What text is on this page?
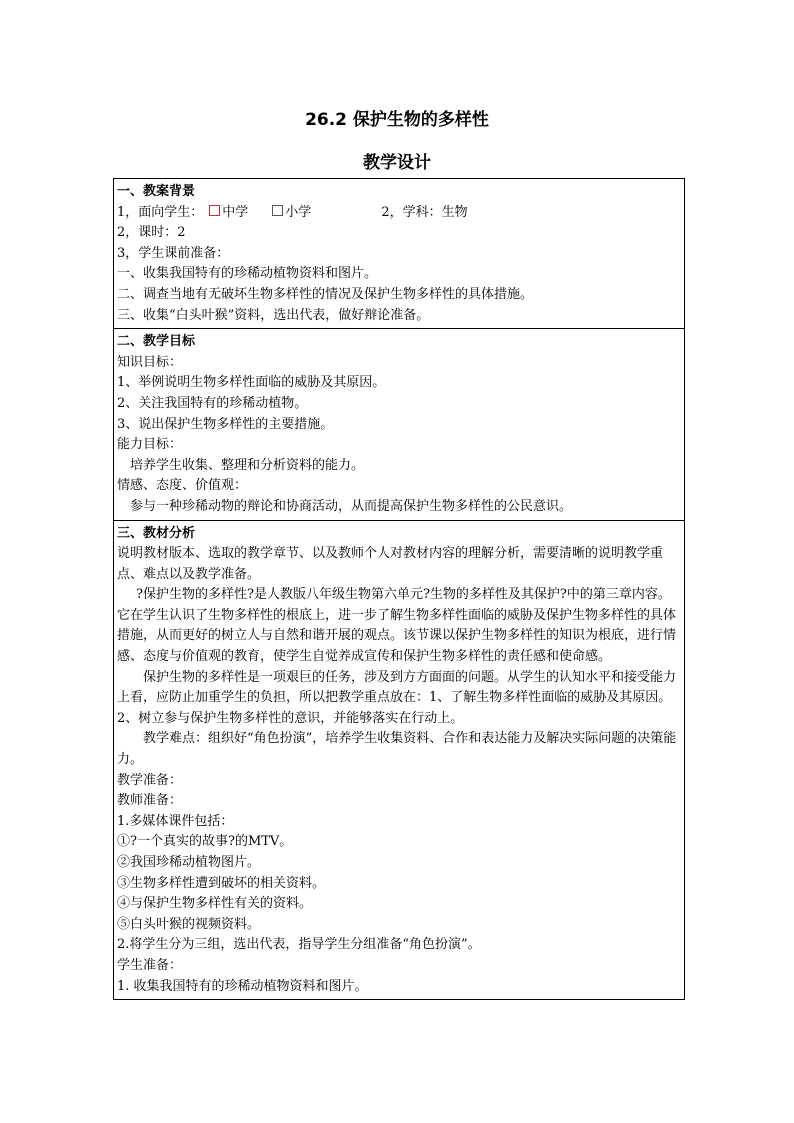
26.2 保护生物的多样性
教学设计
一、教案背景
1，面向学生： 中学	小学	2，学科：生物
2，课时：2
3，学生课前准备：
一、收集我国特有的珍稀动植物资料和图片。
二、调查当地有无破坏生物多样性的情况及保护生物多样性的具体措施。
三、收集“白头叶猴”资料，选出代表，做好辩论准备。

二、教学目标
知识目标：
1、举例说明生物多样性面临的威胁及其原因。
2、关注我国特有的珍稀动植物。
3、说出保护生物多样性的主要措施。
能力目标：
培养学生收集、整理和分析资料的能力。
情感、态度、价值观：
参与一种珍稀动物的辩论和协商活动，从而提高保护生物多样性的公民意识。

三、教材分析
说明教材版本、选取的教学章节、以及教师个人对教材内容的理解分析，需要清晰的说明教学重点、难点以及教学准备。
?保护生物的多样性?是人教版八年级生物第六单元?生物的多样性及其保护?中的第三章内容。它在学生认识了生物多样性的根底上，进一步了解生物多样性面临的威胁及保护生物多样性的具体措施，从而更好的树立人与自然和谐开展的观点。该节课以保护生物多样性的知识为根底，进行情感、态度与价值观的教育，使学生自觉养成宣传和保护生物多样性的责任感和使命感。
保护生物的多样性是一项艰巨的任务，涉及到方方面面的问题。从学生的认知水平和接受能力上看，应防止加重学生的负担，所以把教学重点放在：1、了解生物多样性面临的威胁及其原因。2、树立参与保护生物多样性的意识，并能够落实在行动上。
教学难点：组织好“角色扮演”，培养学生收集资料、合作和表达能力及解决实际问题的决策能力。
教学准备：
教师准备：
1.多媒体课件包括：
①?一个真实的故事?的MTV。
②我国珍稀动植物图片。
③生物多样性遭到破坏的相关资料。
④与保护生物多样性有关的资料。
⑤白头叶猴的视频资料。
2.将学生分为三组，选出代表，指导学生分组准备“角色扮演”。
学生准备：
1. 收集我国特有的珍稀动植物资料和图片。
